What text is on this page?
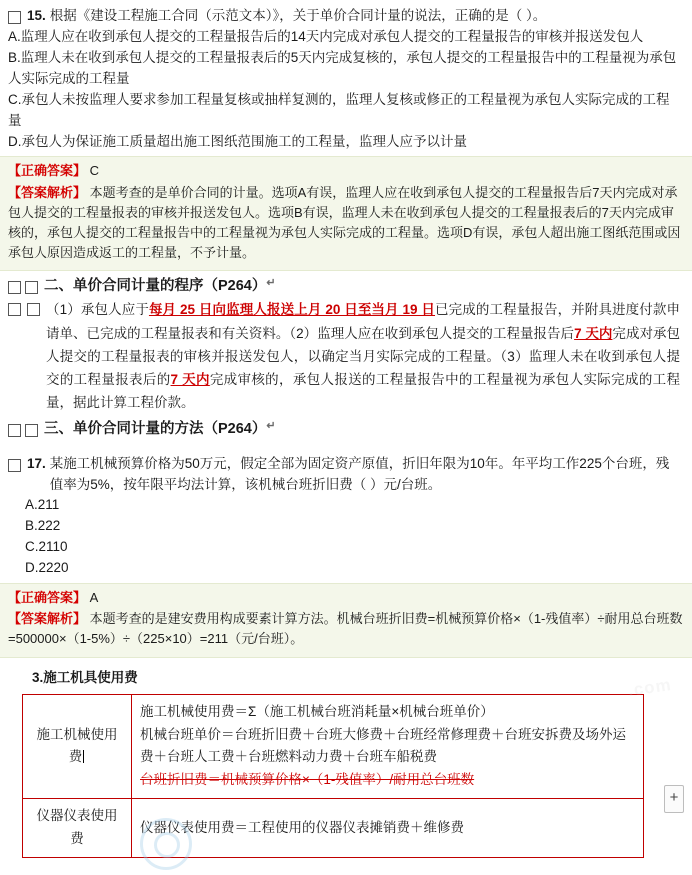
15. 根据《建设工程施工合同（示范文本）》，关于单价合同计量的说法，正确的是（ ）。
A.监理人应在收到承包人提交的工程量报告后的14天内完成对承包人提交的工程量报告的审核并报送发包人
B.监理人未在收到承包人提交的工程量报表后的5天内完成复核的，承包人提交的工程量报告中的工程量视为承包人实际完成的工程量
C.承包人未按监理人要求参加工程量复核或抽样复测的，监理人复核或修正的工程量视为承包人实际完成的工程量
D.承包人为保证施工质量超出施工图纸范围施工的工程量，监理人应予以计量
【正确答案】 C
【答案解析】 本题考查的是单价合同的计量。选项A有误，监理人应在收到承包人提交的工程量报告后7天内完成对承包人提交的工程量报表的审核并报送发包人。选项B有误，监理人未在收到承包人提交的工程量报表后的7天内完成审核的，承包人提交的工程量报告中的工程量视为承包人实际完成的工程量。选项D有误，承包人超出施工图纸范围或因承包人原因造成返工的工程量，不予计量。
二、单价合同计量的程序（P264） ↵
（1）承包人应于每月 25 日向监理人报送上月 20 日至当月 19 日已完成的工程量报告，并附具进度付款申请单、已完成的工程量报表和有关资料。（2）监理人应在收到承包人提交的工程量报告后7 天内完成对承包人提交的工程量报表的审核并报送发包人，以确定当月实际完成的工程量。（3）监理人未在收到承包人提交的工程量报表后的7 天内完成审核的，承包人报送的工程量报告中的工程量视为承包人实际完成的工程量，据此计算工程价款。
三、单价合同计量的方法（P264） ↵
17. 某施工机械预算价格为50万元，假定全部为固定资产原值，折旧年限为10年。年平均工作225个台班，残值率为5%，按年限平均法计算，该机械台班折旧费（ ）元/台班。
A.211
B.222
C.2110
D.2220
【正确答案】 A
【答案解析】 本题考查的是建安费用构成要素计算方法。机械台班折旧费=机械预算价格×（1-残值率）÷耐用总台班数=500000×（1-5%）÷（225×10）=211（元/台班）。
3.施工机具使用费
施工机械使用费	施工机械使用费＝Σ（施工机械台班消耗量×机械台班单价）
机械台班单价＝台班折旧费＋台班大修费＋台班经常修理费＋台班安拆费及场外运费＋台班人工费＋台班燃料动力费＋台班车船税费
台班折旧费＝机械预算价格×（1-残值率）/耐用总台班数

仪器仪表使用费	仪器仪表使用费＝工程使用的仪器仪表摊销费＋维修费
+
.com
